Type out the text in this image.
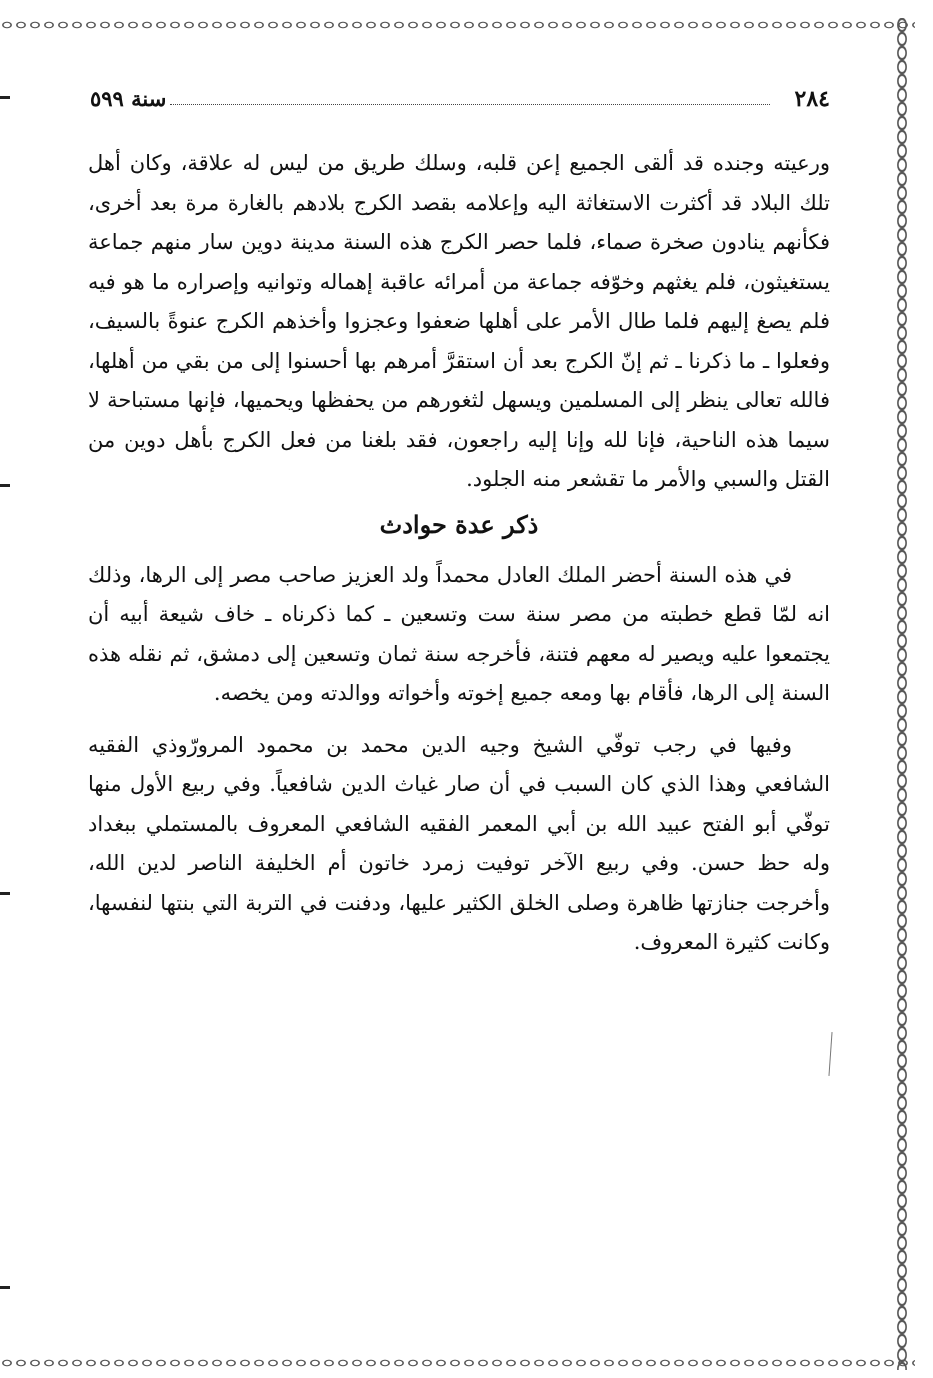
٢٨٤
سنة ٥٩٩

ورعيته وجنده قد ألقى الجميع إعن قلبه، وسلك طريق من ليس له علاقة، وكان أهل تلك البلاد قد أكثرت الاستغاثة اليه وإعلامه بقصد الكرج بلادهم بالغارة مرة بعد أخرى، فكأنهم ينادون صخرة صماء، فلما حصر الكرج هذه السنة مدينة دوين سار منهم جماعة يستغيثون، فلم يغثهم وخوّفه جماعة من أمرائه عاقبة إهماله وتوانيه وإصراره ما هو فيه فلم يصغ إليهم فلما طال الأمر على أهلها ضعفوا وعجزوا وأخذهم الكرج عنوةً بالسيف، وفعلوا ـ ما ذكرنا ـ ثم إنّ الكرج بعد أن استقرَّ أمرهم بها أحسنوا إلى من بقي من أهلها، فالله تعالى ينظر إلى المسلمين ويسهل لثغورهم من يحفظها ويحميها، فإنها مستباحة لا سيما هذه الناحية، فإنا لله وإنا إليه راجعون، فقد بلغنا من فعل الكرج بأهل دوين من القتل والسبي والأمر ما تقشعر منه الجلود.

ذكر عدة حوادث

في هذه السنة أحضر الملك العادل محمداً ولد العزيز صاحب مصر إلى الرها، وذلك انه لمّا قطع خطبته من مصر سنة ست وتسعين ـ كما ذكرناه ـ خاف شيعة أبيه أن يجتمعوا عليه ويصير له معهم فتنة، فأخرجه سنة ثمان وتسعين إلى دمشق، ثم نقله هذه السنة إلى الرها، فأقام بها ومعه جميع إخوته وأخواته ووالدته ومن يخصه.

وفيها في رجب توفّي الشيخ وجيه الدين محمد بن محمود المرورّوذي الفقيه الشافعي وهذا الذي كان السبب في أن صار غياث الدين شافعياً. وفي ربيع الأول منها توفّي أبو الفتح عبيد الله بن أبي المعمر الفقيه الشافعي المعروف بالمستملي ببغداد وله حظ حسن. وفي ربيع الآخر توفيت زمرد خاتون أم الخليفة الناصر لدين الله، وأخرجت جنازتها ظاهرة وصلى الخلق الكثير عليها، ودفنت في التربة التي بنتها لنفسها، وكانت كثيرة المعروف.
